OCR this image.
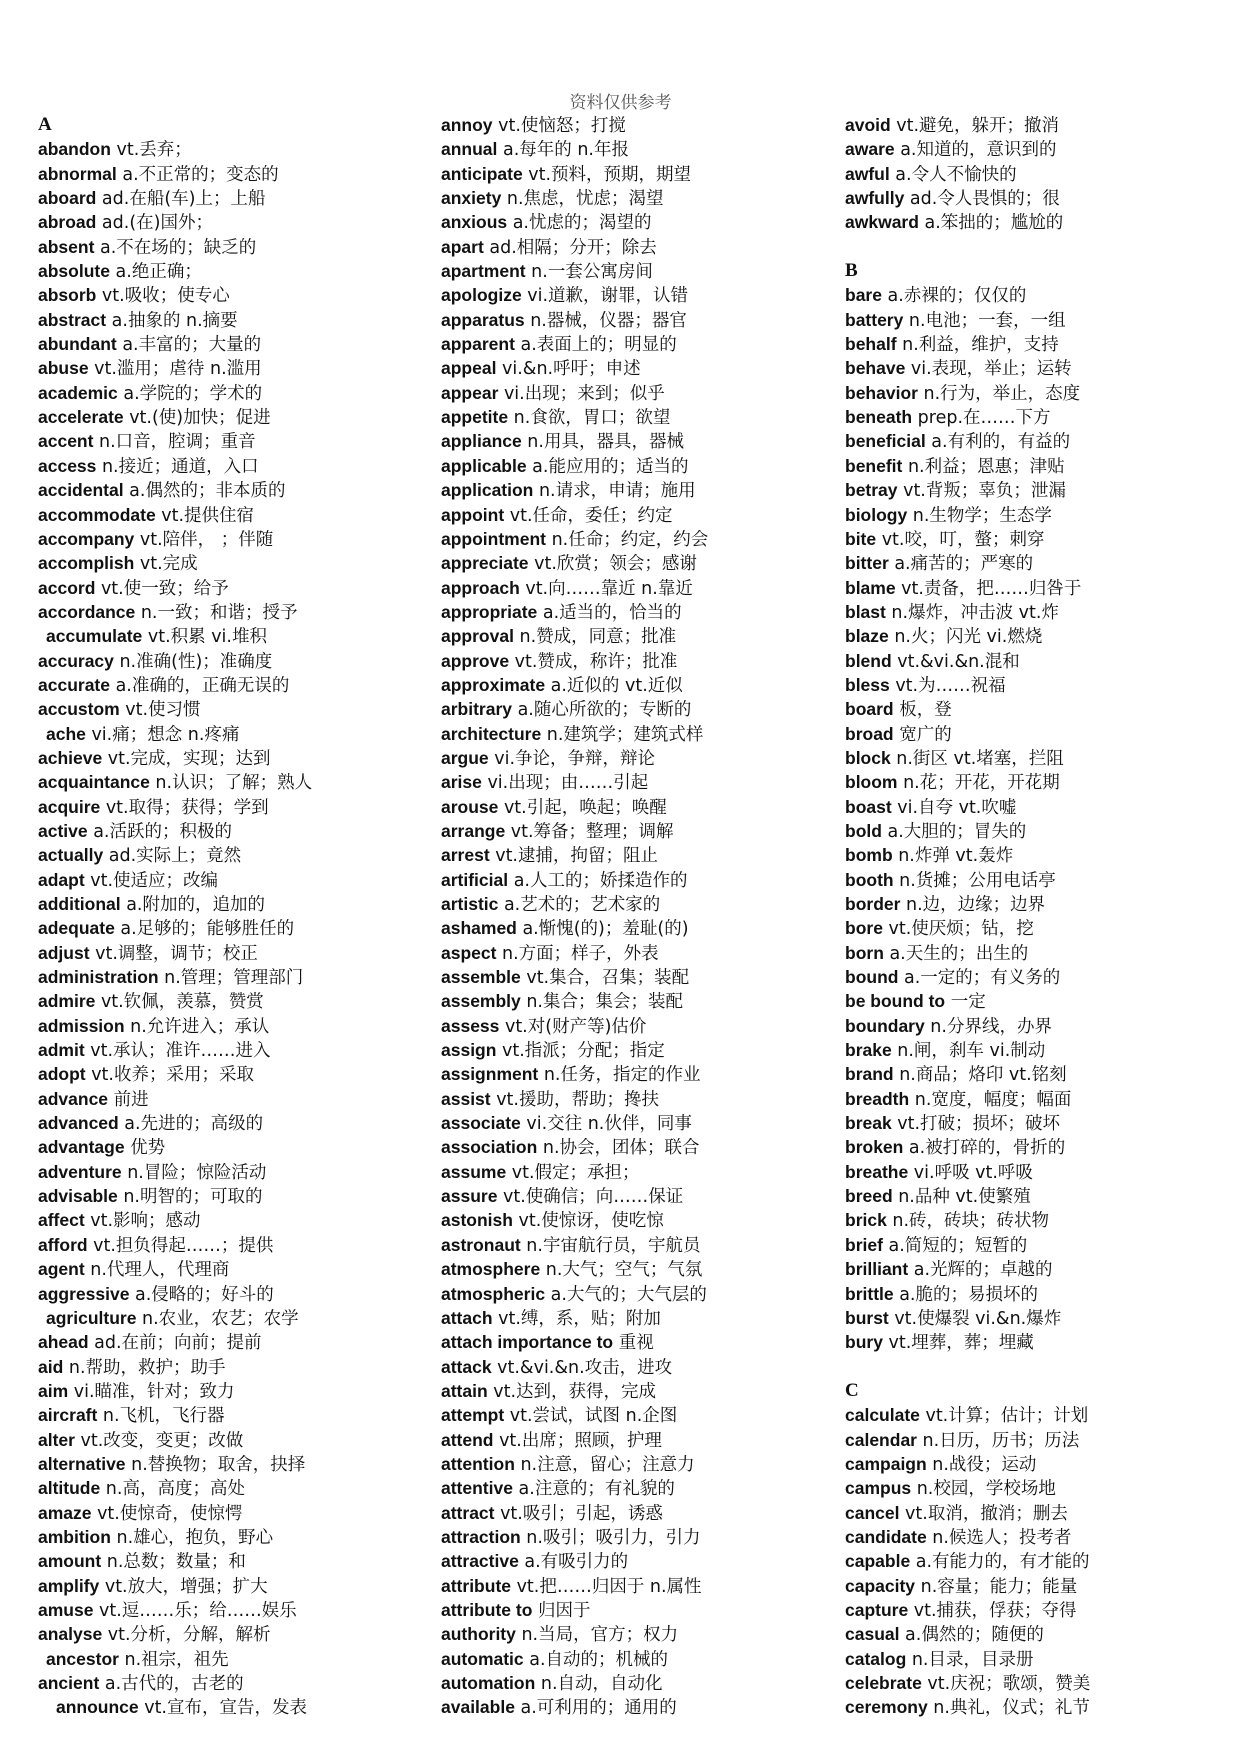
资料仅供参考
A
abandon vt.丢弃；
abnormal a.不正常的；变态的
aboard ad.在船(车)上；上船
abroad ad.(在)国外；
absent a.不在场的；缺乏的
absolute a.绝正确；
absorb vt.吸收；使专心
abstract a.抽象的 n.摘要
abundant a.丰富的；大量的
abuse vt.滥用；虐待 n.滥用
academic a.学院的；学术的
accelerate vt.(使)加快；促进
accent n.口音，腔调；重音
access n.接近；通道，入口
accidental a.偶然的；非本质的
accommodate vt.提供住宿
accompany vt.陪伴， ；伴随
accomplish vt.完成
accord vt.使一致；给予
accordance n.一致；和谐；授予
accumulate vt.积累 vi.堆积
accuracy n.准确(性)；准确度
accurate a.准确的，正确无误的
accustom vt.使习惯
ache vi.痛；想念 n.疼痛
achieve vt.完成，实现；达到
acquaintance n.认识；了解；熟人
acquire vt.取得；获得；学到
active a.活跃的；积极的
actually ad.实际上；竟然
adapt vt.使适应；改编
additional a.附加的，追加的
adequate a.足够的；能够胜任的
adjust vt.调整，调节；校正
administration n.管理；管理部门
admire vt.钦佩，羡慕，赞赏
admission n.允许进入；承认
admit vt.承认；准许……进入
adopt vt.收养；采用；采取
advance 前进
advanced a.先进的；高级的
advantage 优势
adventure n.冒险；惊险活动
advisable n.明智的；可取的
affect vt.影响；感动
afford vt.担负得起……；提供
agent n.代理人，代理商
aggressive a.侵略的；好斗的
agriculture n.农业，农艺；农学
ahead ad.在前；向前；提前
aid n.帮助，救护；助手
aim vi.瞄准，针对；致力
aircraft n.飞机，飞行器
alter vt.改变，变更；改做
alternative n.替换物；取舍，抉择
altitude n.高，高度；高处
amaze vt.使惊奇，使惊愕
ambition n.雄心，抱负，野心
amount n.总数；数量；和
amplify vt.放大，增强；扩大
amuse vt.逗……乐；给……娱乐
analyse vt.分析，分解，解析
ancestor n.祖宗，祖先
ancient a.古代的，古老的
announce vt.宣布，宣告，发表
annoy vt.使恼怒；打搅
annual a.每年的 n.年报
anticipate vt.预料，预期，期望
anxiety n.焦虑，忧虑；渴望
anxious a.忧虑的；渴望的
apart ad.相隔；分开；除去
apartment n.一套公寓房间
apologize vi.道歉，谢罪，认错
apparatus n.器械，仪器；器官
apparent a.表面上的；明显的
appeal vi.&n.呼吁；申述
appear vi.出现；来到；似乎
appetite n.食欲，胃口；欲望
appliance n.用具，器具，器械
applicable a.能应用的；适当的
application n.请求，申请；施用
appoint vt.任命，委任；约定
appointment n.任命；约定，约会
appreciate vt.欣赏；领会；感谢
approach vt.向……靠近 n.靠近
appropriate a.适当的，恰当的
approval n.赞成，同意；批准
approve vt.赞成，称许；批准
approximate a.近似的 vt.近似
arbitrary a.随心所欲的；专断的
architecture n.建筑学；建筑式样
argue vi.争论，争辩，辩论
arise vi.出现；由……引起
arouse vt.引起，唤起；唤醒
arrange vt.筹备；整理；调解
arrest vt.逮捕，拘留；阻止
artificial a.人工的；娇揉造作的
artistic a.艺术的；艺术家的
ashamed a.惭愧(的)；羞耻(的)
aspect n.方面；样子，外表
assemble vt.集合，召集；装配
assembly n.集合；集会；装配
assess vt.对(财产等)估价
assign vt.指派；分配；指定
assignment n.任务，指定的作业
assist vt.援助，帮助；搀扶
associate vi.交往 n.伙伴，同事
association n.协会，团体；联合
assume vt.假定；承担；
assure vt.使确信；向……保证
astonish vt.使惊讶，使吃惊
astronaut n.宇宙航行员，宇航员
atmosphere n.大气；空气；气氛
atmospheric a.大气的；大气层的
attach vt.缚，系，贴；附加
attach importance to 重视
attack vt.&vi.&n.攻击，进攻
attain vt.达到，获得，完成
attempt vt.尝试，试图 n.企图
attend vt.出席；照顾，护理
attention n.注意，留心；注意力
attentive a.注意的；有礼貌的
attract vt.吸引；引起，诱惑
attraction n.吸引；吸引力，引力
attractive a.有吸引力的
attribute vt.把……归因于 n.属性
attribute to 归因于
authority n.当局，官方；权力
automatic a.自动的；机械的
automation n.自动，自动化
available a.可利用的；通用的
avoid vt.避免，躲开；撤消
aware a.知道的，意识到的
awful a.令人不愉快的
awfully ad.令人畏惧的；很
awkward a.笨拙的；尴尬的
B
bare a.赤裸的；仅仅的
battery n.电池；一套，一组
behalf n.利益，维护，支持
behave vi.表现，举止；运转
behavior n.行为，举止，态度
beneath prep.在……下方
beneficial a.有利的，有益的
benefit n.利益；恩惠；津贴
betray vt.背叛；辜负；泄漏
biology n.生物学；生态学
bite vt.咬，叮，螫；刺穿
bitter a.痛苦的；严寒的
blame vt.责备，把……归咎于
blast n.爆炸，冲击波 vt.炸
blaze n.火；闪光 vi.燃烧
blend vt.&vi.&n.混和
bless vt.为……祝福
board 板，登
broad 宽广的
block n.街区 vt.堵塞，拦阻
bloom n.花；开花，开花期
boast vi.自夸 vt.吹嘘
bold a.大胆的；冒失的
bomb n.炸弹 vt.轰炸
booth n.货摊；公用电话亭
border n.边，边缘；边界
bore vt.使厌烦；钻，挖
born a.天生的；出生的
bound a.一定的；有义务的
be bound to 一定
boundary n.分界线，办界
brake n.闸，刹车 vi.制动
brand n.商品；烙印 vt.铭刻
breadth n.宽度，幅度；幅面
break vt.打破；损坏；破坏
broken a.被打碎的，骨折的
breathe vi.呼吸 vt.呼吸
breed n.品种 vt.使繁殖
brick n.砖，砖块；砖状物
brief a.简短的；短暂的
brilliant a.光辉的；卓越的
brittle a.脆的；易损坏的
burst vt.使爆裂 vi.&n.爆炸
bury vt.埋葬，葬；埋藏
C
calculate vt.计算；估计；计划
calendar n.日历，历书；历法
campaign n.战役；运动
campus n.校园，学校场地
cancel vt.取消，撤消；删去
candidate n.候选人；投考者
capable a.有能力的，有才能的
capacity n.容量；能力；能量
capture vt.捕获，俘获；夺得
casual a.偶然的；随便的
catalog n.目录，目录册
celebrate vt.庆祝；歌颂，赞美
ceremony n.典礼，仪式；礼节
